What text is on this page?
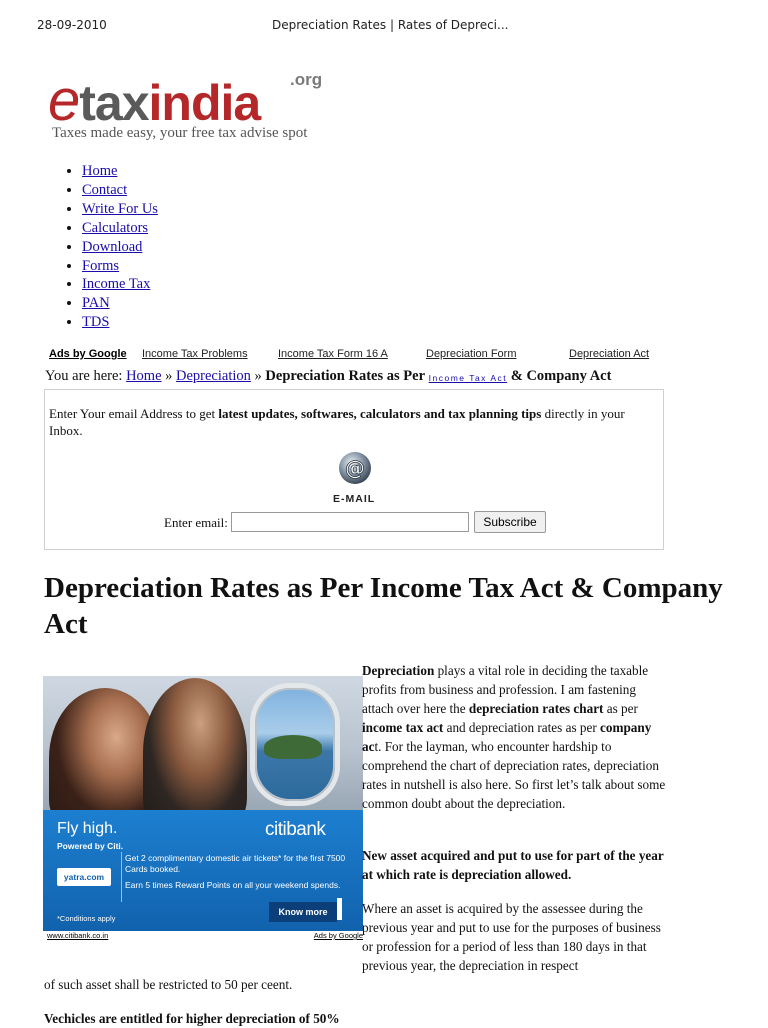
28-09-2010	Depreciation Rates | Rates of Depreci...
etaxindia .org
Taxes made easy, your free tax advise spot
• Home
• Contact
• Write For Us
• Calculators
• Download
• Forms
• Income Tax
• PAN
• TDS
Ads by Google Income Tax Problems	Income Tax Form 16 A	Depreciation Form	Depreciation Act
You are here: Home » Depreciation » Depreciation Rates as Per Income Tax Act & Company Act
Enter Your email Address to get latest updates, softwares, calculators and tax planning tips directly in your Inbox.
@
E-MAIL
Enter email:	Subscribe
Depreciation Rates as Per Income Tax Act & Company Act
Fly high.
Powered by Citi.
citibank
yatra.com

Get 2 complimentary domestic air tickets* for the first 7500 Cards booked.

Earn 5 times Reward Points on all your weekend spends.

*Conditions apply
Know more
www.citibank.co.in	Ads by Google
Depreciation plays a vital role in deciding the taxable profits from business and profession. I am fastening attach over here the depreciation rates chart as per income tax act and depreciation rates as per company act. For the layman, who encounter hardship to comprehend the chart of depreciation rates, depreciation rates in nutshell is also here. So first let’s talk about some common doubt about the depreciation.
New asset acquired and put to use for part of the year at which rate is depreciation allowed.
Where an asset is acquired by the assessee during the previous year and put to use for the purposes of business or profession for a period of less than 180 days in that previous year, the depreciation in respect
of such asset shall be restricted to 50 per ceent.
Vechicles are entitled for higher depreciation of 50%
